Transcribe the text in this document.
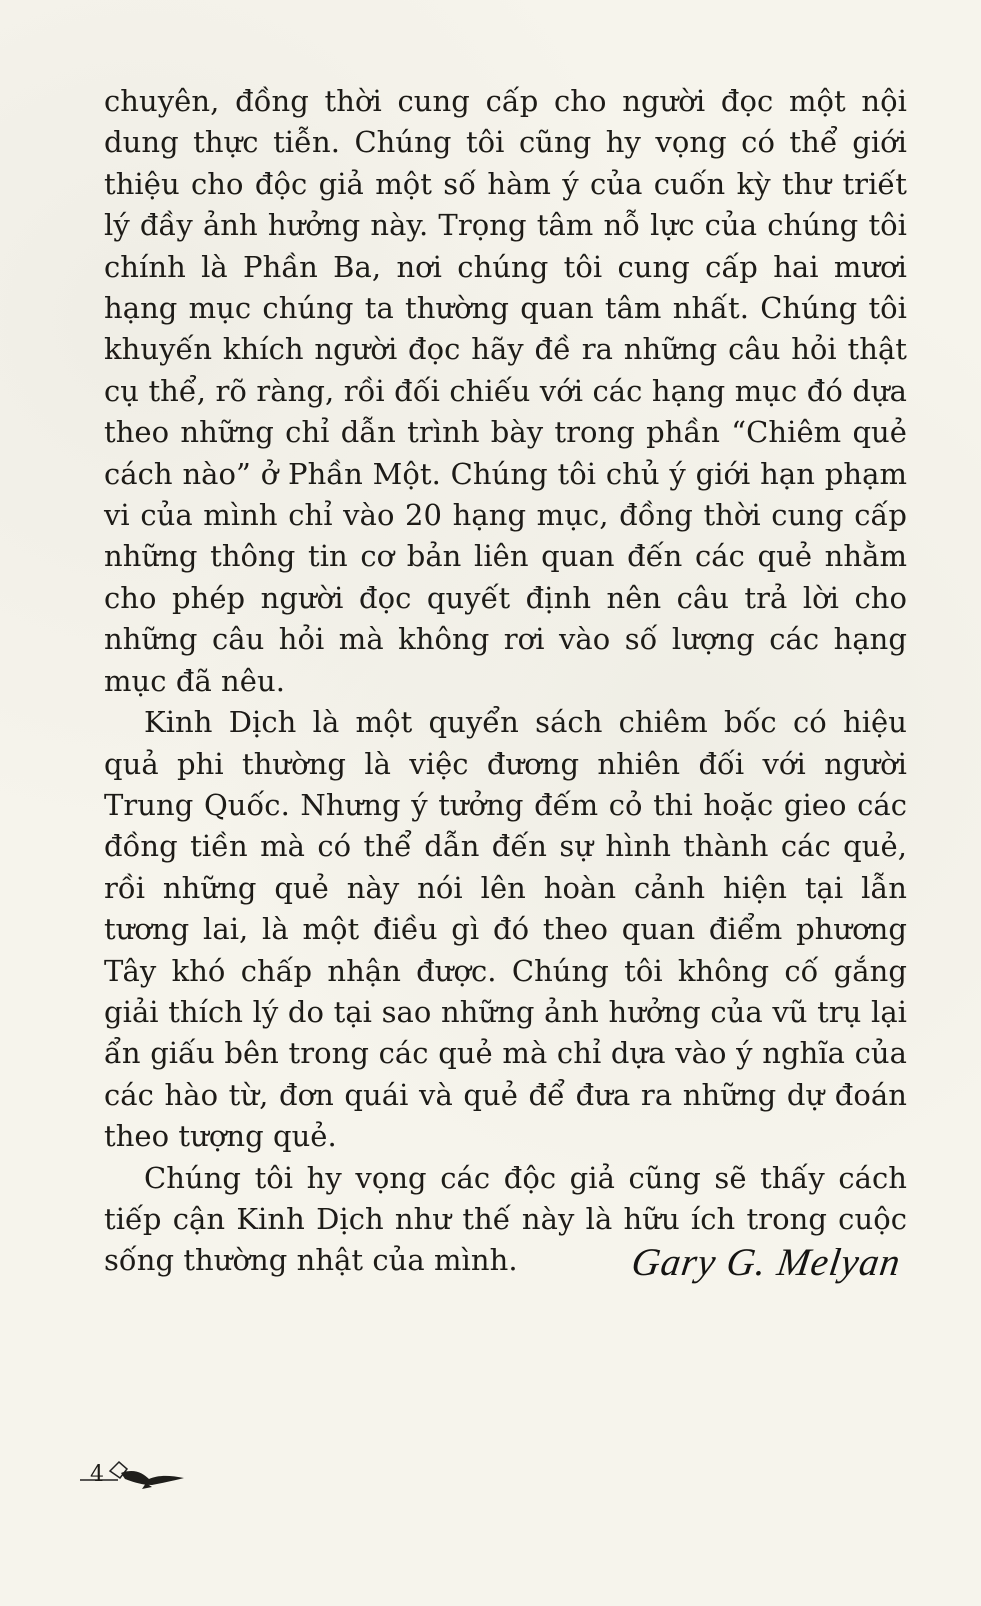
chuyên, đồng thời cung cấp cho người đọc một nội dung thực tiễn. Chúng tôi cũng hy vọng có thể giới thiệu cho độc giả một số hàm ý của cuốn kỳ thư triết lý đầy ảnh hưởng này. Trọng tâm nỗ lực của chúng tôi chính là Phần Ba, nơi chúng tôi cung cấp hai mươi hạng mục chúng ta thường quan tâm nhất. Chúng tôi khuyến khích người đọc hãy đề ra những câu hỏi thật cụ thể, rõ ràng, rồi đối chiếu với các hạng mục đó dựa theo những chỉ dẫn trình bày trong phần “Chiêm quẻ cách nào” ở Phần Một. Chúng tôi chủ ý giới hạn phạm vi của mình chỉ vào 20 hạng mục, đồng thời cung cấp những thông tin cơ bản liên quan đến các quẻ nhằm cho phép người đọc quyết định nên câu trả lời cho những câu hỏi mà không rơi vào số lượng các hạng mục đã nêu.

Kinh Dịch là một quyển sách chiêm bốc có hiệu quả phi thường là việc đương nhiên đối với người Trung Quốc. Nhưng ý tưởng đếm cỏ thi hoặc gieo các đồng tiền mà có thể dẫn đến sự hình thành các quẻ, rồi những quẻ này nói lên hoàn cảnh hiện tại lẫn tương lai, là một điều gì đó theo quan điểm phương Tây khó chấp nhận được. Chúng tôi không cố gắng giải thích lý do tại sao những ảnh hưởng của vũ trụ lại ẩn giấu bên trong các quẻ mà chỉ dựa vào ý nghĩa của các hào từ, đơn quái và quẻ để đưa ra những dự đoán theo tượng quẻ.

Chúng tôi hy vọng các độc giả cũng sẽ thấy cách tiếp cận Kinh Dịch như thế này là hữu ích trong cuộc sống thường nhật của mình.	Gary G. Melyan
4
